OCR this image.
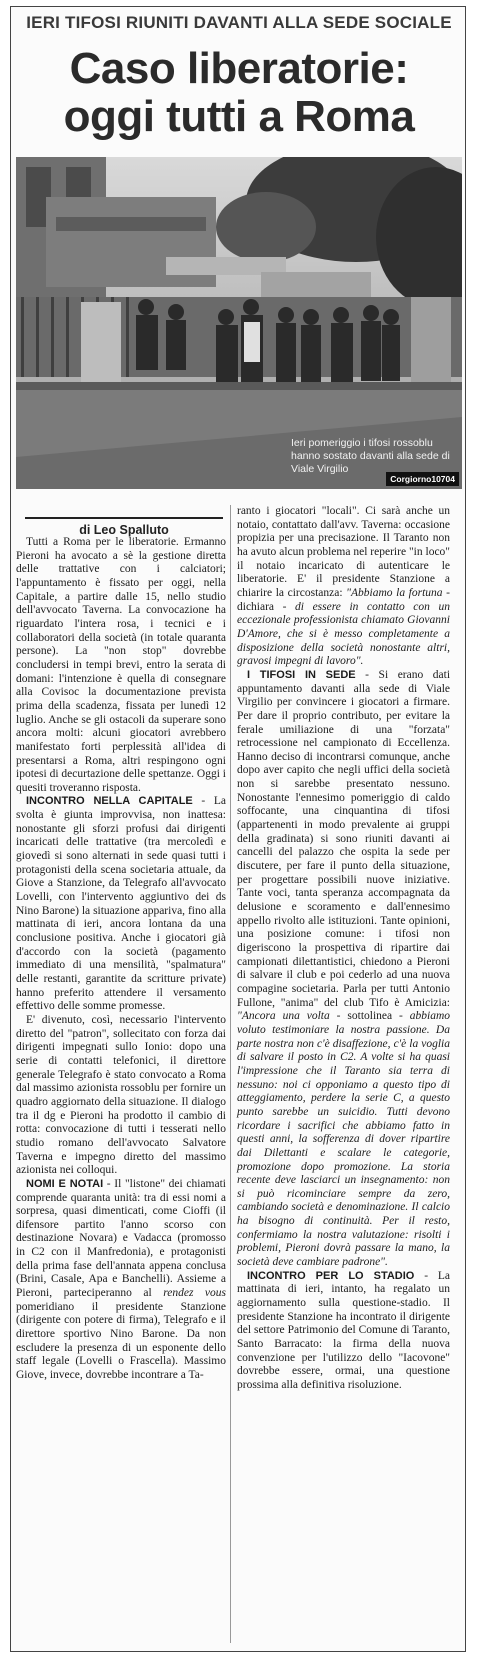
IERI TIFOSI RIUNITI DAVANTI ALLA SEDE SOCIALE
Caso liberatorie:
oggi tutti a Roma
Ieri pomeriggio i tifosi rossoblu hanno sostato davanti alla sede di Viale Virgilio
Corgiorno10704
di Leo Spalluto

Tutti a Roma per le liberatorie. Ermanno Pieroni ha avocato a sè la gestione diretta delle trattative con i calciatori; l'appuntamento è fissato per oggi, nella Capitale, a partire dalle 15, nello studio dell'avvocato Taverna. La convocazione ha riguardato l'intera rosa, i tecnici e i collaboratori della società (in totale quaranta persone). La "non stop" dovrebbe concludersi in tempi brevi, entro la serata di domani: l'intenzione è quella di consegnare alla Covisoc la documentazione prevista prima della scadenza, fissata per lunedì 12 luglio. Anche se gli ostacoli da superare sono ancora molti: alcuni giocatori avrebbero manifestato forti perplessità all'idea di presentarsi a Roma, altri respingono ogni ipotesi di decurtazione delle spettanze. Oggi i quesiti troveranno risposta.

INCONTRO NELLA CAPITALE - La svolta è giunta improvvisa, non inattesa: nonostante gli sforzi profusi dai dirigenti incaricati delle trattative (tra mercoledì e giovedì si sono alternati in sede quasi tutti i protagonisti della scena societaria attuale, da Giove a Stanzione, da Telegrafo all'avvocato Lovelli, con l'intervento aggiuntivo dei ds Nino Barone) la situazione appariva, fino alla mattinata di ieri, ancora lontana da una conclusione positiva. Anche i giocatori già d'accordo con la società (pagamento immediato di una mensilità, "spalmatura" delle restanti, garantite da scritture private) hanno preferito attendere il versamento effettivo delle somme promesse.

E' divenuto, così, necessario l'intervento diretto del "patron", sollecitato con forza dai dirigenti impegnati sullo Ionio: dopo una serie di contatti telefonici, il direttore generale Telegrafo è stato convocato a Roma dal massimo azionista rossoblu per fornire un quadro aggiornato della situazione. Il dialogo tra il dg e Pieroni ha prodotto il cambio di rotta: convocazione di tutti i tesserati nello studio romano dell'avvocato Salvatore Taverna e impegno diretto del massimo azionista nei colloqui.

NOMI E NOTAI - Il "listone" dei chiamati comprende quaranta unità: tra di essi nomi a sorpresa, quasi dimenticati, come Cioffi (il difensore partito l'anno scorso con destinazione Novara) e Vadacca (promosso in C2 con il Manfredonia), e protagonisti della prima fase dell'annata appena conclusa (Brini, Casale, Apa e Banchelli). Assieme a Pieroni, parteciperanno al rendez vous pomeridiano il presidente Stanzione (dirigente con potere di firma), Telegrafo e il direttore sportivo Nino Barone. Da non escludere la presenza di un esponente dello staff legale (Lovelli o Frascella). Massimo Giove, invece, dovrebbe incontrare a Ta-

ranto i giocatori "locali". Ci sarà anche un notaio, contattato dall'avv. Taverna: occasione propizia per una precisazione. Il Taranto non ha avuto alcun problema nel reperire "in loco" il notaio incaricato di autenticare le liberatorie. E' il presidente Stanzione a chiarire la circostanza: "Abbiamo la fortuna - dichiara - di essere in contatto con un eccezionale professionista chiamato Giovanni D'Amore, che si è messo completamente a disposizione della società nonostante altri, gravosi impegni di lavoro".

I TIFOSI IN SEDE - Si erano dati appuntamento davanti alla sede di Viale Virgilio per convincere i giocatori a firmare. Per dare il proprio contributo, per evitare la ferale umiliazione di una "forzata" retrocessione nel campionato di Eccellenza. Hanno deciso di incontrarsi comunque, anche dopo aver capito che negli uffici della società non si sarebbe presentato nessuno. Nonostante l'ennesimo pomeriggio di caldo soffocante, una cinquantina di tifosi (appartenenti in modo prevalente ai gruppi della gradinata) si sono riuniti davanti ai cancelli del palazzo che ospita la sede per discutere, per fare il punto della situazione, per progettare possibili nuove iniziative. Tante voci, tanta speranza accompagnata da delusione e scoramento e dall'ennesimo appello rivolto alle istituzioni. Tante opinioni, una posizione comune: i tifosi non digeriscono la prospettiva di ripartire dai campionati dilettantistici, chiedono a Pieroni di salvare il club e poi cederlo ad una nuova compagine societaria. Parla per tutti Antonio Fullone, "anima" del club Tifo è Amicizia: "Ancora una volta - sottolinea - abbiamo voluto testimoniare la nostra passione. Da parte nostra non c'è disaffezione, c'è la voglia di salvare il posto in C2. A volte si ha quasi l'impressione che il Taranto sia terra di nessuno: noi ci opponiamo a questo tipo di atteggiamento, perdere la serie C, a questo punto sarebbe un suicidio. Tutti devono ricordare i sacrifici che abbiamo fatto in questi anni, la sofferenza di dover ripartire dai Dilettanti e scalare le categorie, promozione dopo promozione. La storia recente deve lasciarci un insegnamento: non si può ricominciare sempre da zero, cambiando società e denominazione. Il calcio ha bisogno di continuità. Per il resto, confermiamo la nostra valutazione: risolti i problemi, Pieroni dovrà passare la mano, la società deve cambiare padrone".

INCONTRO PER LO STADIO - La mattinata di ieri, intanto, ha regalato un aggiornamento sulla questione-stadio. Il presidente Stanzione ha incontrato il dirigente del settore Patrimonio del Comune di Taranto, Santo Barracato: la firma della nuova convenzione per l'utilizzo dello "Iacovone" dovrebbe essere, ormai, una questione prossima alla definitiva risoluzione.
